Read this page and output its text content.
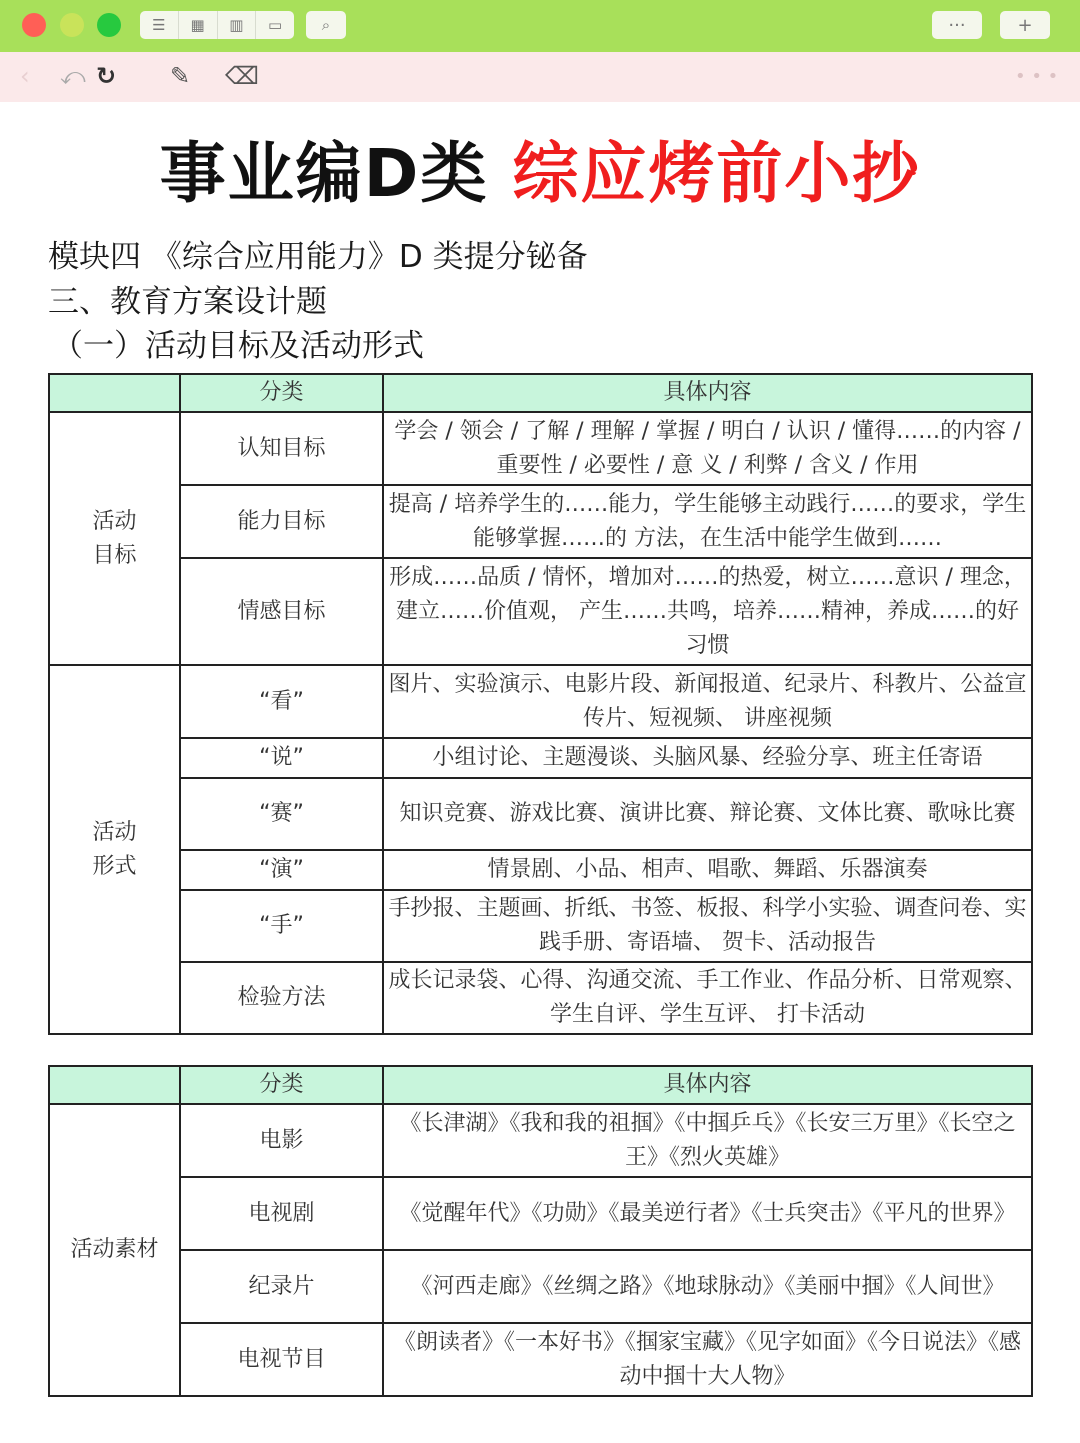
☰	▦	▥	▭	⌕	···	+
‹ ⤺ ↻ ✎ ⌫	• • •
事业编D类 综应烤前小抄
模块四 《综合应用能力》D 类提分铋备
三、教育方案设计题
（一）活动目标及活动形式
	分类	具体内容
活动
目标	认知目标	学会 / 领会 / 了解 / 理解 / 掌握 / 明白 / 认识 / 懂得……的内容 / 重要性 / 必要性 / 意 义 / 利弊 / 含义 / 作用
	能力目标	提高 / 培养学生的……能力，学生能够主动践行……的要求，学生能够掌握……的 方法，在生活中能学生做到……
	情感目标	形成……品质 / 情怀，增加对……的热爱，树立……意识 / 理念，建立……价值观， 产生……共鸣，培养……精神，养成……的好习惯
活动
形式	“看”	图片、实验演示、电影片段、新闻报道、纪录片、科教片、公益宣传片、短视频、 讲座视频
	“说”	小组讨论、主题漫谈、头脑风暴、经验分享、班主任寄语
	“赛”	知识竞赛、游戏比赛、演讲比赛、辩论赛、文体比赛、歌咏比赛
	“演”	情景剧、小品、相声、唱歌、舞蹈、乐器演奏
	“手”	手抄报、主题画、折纸、书签、板报、科学小实验、调查问卷、实践手册、寄语墙、 贺卡、活动报告
	检验方法	成长记录袋、心得、沟通交流、手工作业、作品分析、日常观察、学生自评、学生互评、 打卡活动
	分类	具体内容
活动素材	电影	《长津湖》《我和我的祖掴》《中掴乒乓》《长安三万里》《长空之王》《烈火英雄》
	电视剧	《觉醒年代》《功勋》《最美逆行者》《士兵突击》《平凡的世界》
	纪录片	《河西走廊》《丝绸之路》《地球脉动》《美丽中掴》《人间世》
	电视节目	《朗读者》《一本好书》《掴家宝藏》《见字如面》《今日说法》《感动中掴十大人物》
